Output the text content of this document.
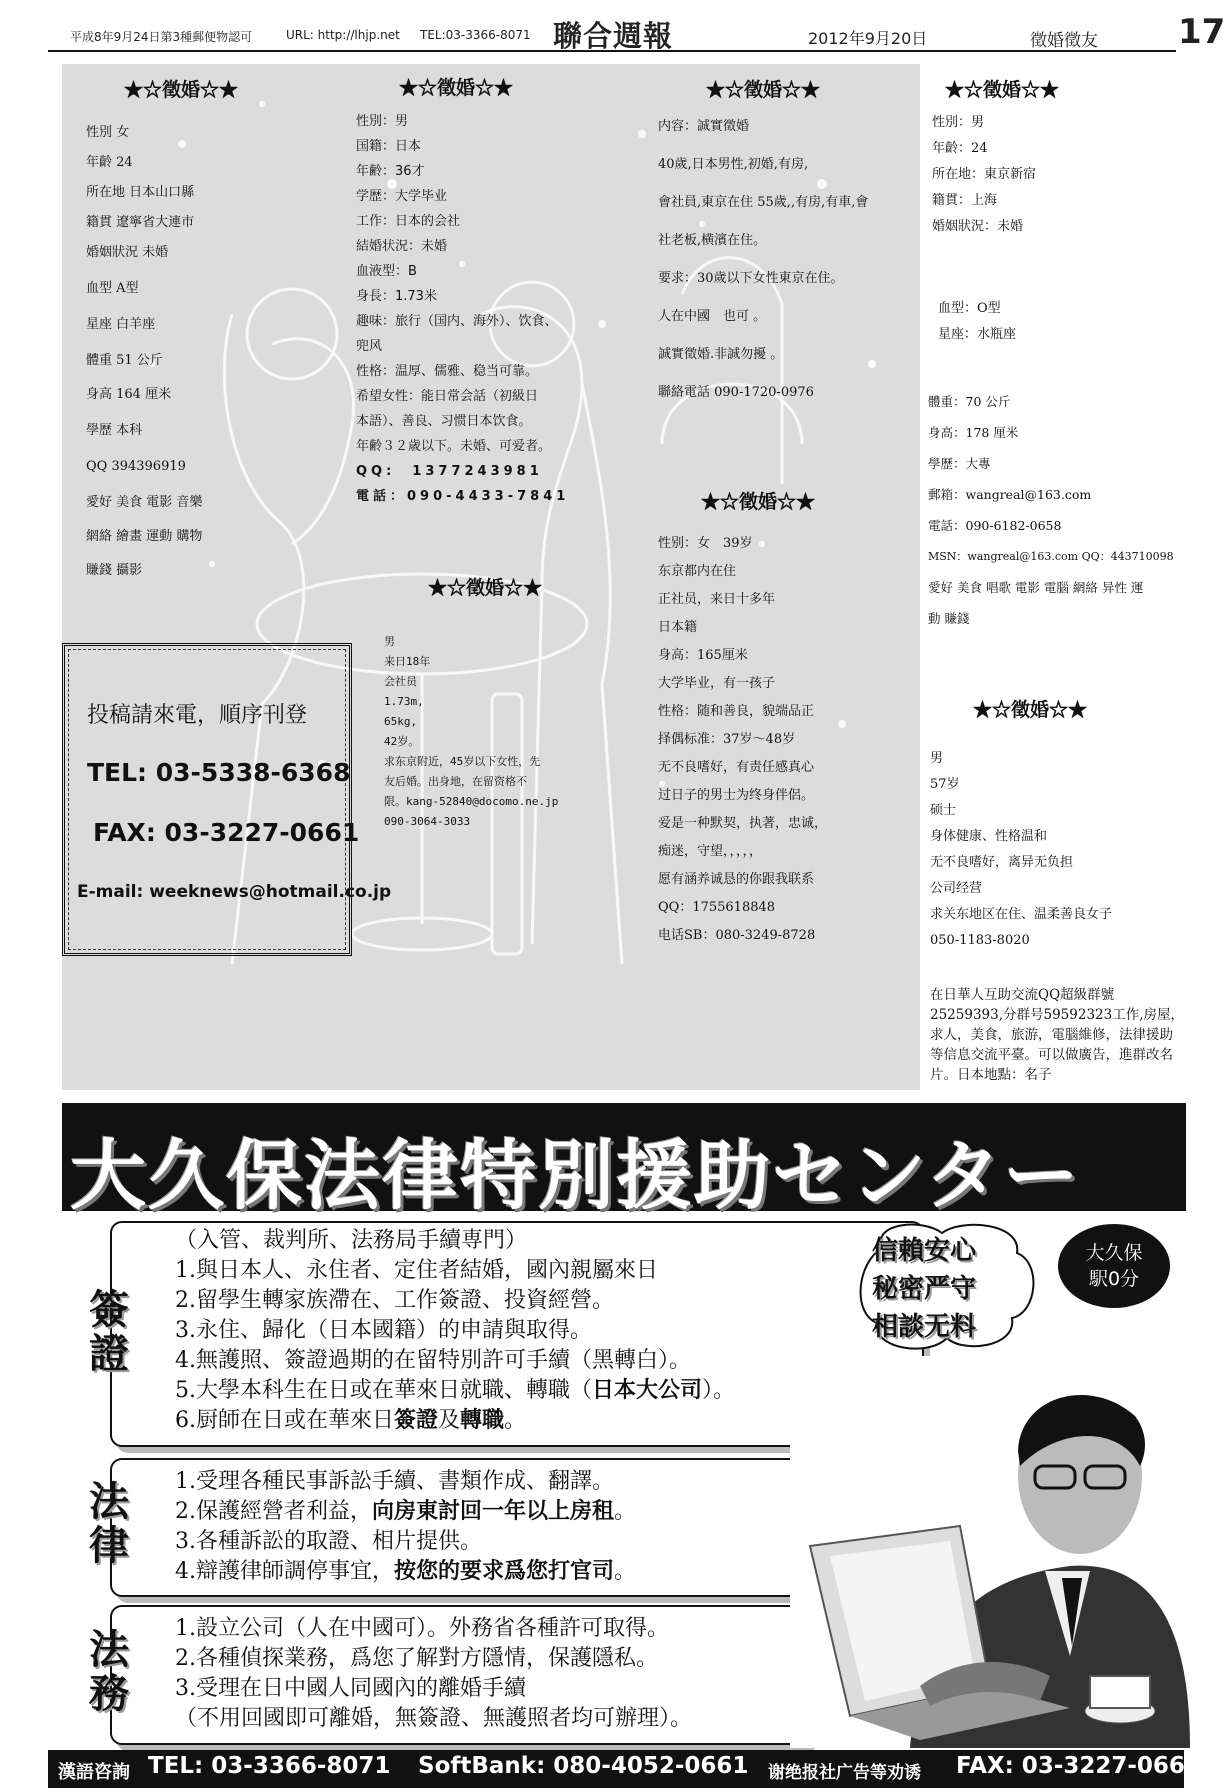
平成8年9月24日第3種郵便物認可	URL: http://lhjp.net TEL:03-3366-8071 聯合週報	2012年9月20日	徵婚徵友 17
★☆徵婚☆★
性別 女
年齡 24
所在地 日本山口縣
籍貫 遼寧省大連市
婚姻狀況 未婚
血型 A型
星座 白羊座
體重 51 公斤
身高 164 厘米
學歷 本科
QQ 394396919
愛好 美食 電影 音樂
網絡 繪畫 運動 購物
賺錢 攝影
★☆徵婚☆★
性別：男
国籍：日本
年齢：36才
学歴：大学毕业
工作：日本的会社
結婚状況：未婚
血液型：B
身長：1.73米
趣味：旅行（国内、海外）、饮食、
兜风
性格：温厚、儒雅、稳当可靠。
希望女性：能日常会話（初級日
本語）、善良、习惯日本饮食。
年齢３２歳以下。未婚、可爱者。
QQ:　1377243981
電話：090-4433-7841
★☆徵婚☆★
男
来日18年
会社员
1.73m,
65kg,
42岁。
求东京附近，45岁以下女性，先
友后婚。出身地，在留资格不
限。kang-52840@docomo.ne.jp
090-3064-3033
★☆徵婚☆★
内容：誠實徵婚
40歲,日本男性,初婚,有房,
會社員,東京在住 55歲,,有房,有車,會
社老板,横濱在住。
要求：30歲以下女性東京在住。
人在中國　也可 。
誠實徵婚.非誠勿擾 。
聯絡電話 090-1720-0976
★☆徵婚☆★
性别：女　39岁
东京都内在住
正社员，来日十多年
日本籍
身高：165厘米
大学毕业，有一孩子
性格：随和善良，貌端品正
择偶标准：37岁～48岁
无不良嗜好，有责任感真心
过日子的男士为终身伴侶。
爱是一种默契，执著，忠诚，
痴迷，守望，，，，，
愿有涵养诚恳的你跟我联系
QQ：1755618848
电话SB：080-3249-8728
★☆徵婚☆★
性別：男
年齡：24
所在地：東京新宿
籍貫：上海
婚姻狀況：未婚
血型：O型
星座：水瓶座
體重：70 公斤
身高：178 厘米
學歷：大專
郵箱：wangreal@163.com
電話：090-6182-0658
MSN：wangreal@163.com QQ：443710098
愛好 美食 唱歌 電影 電腦 網絡 异性 運
動 賺錢
★☆徵婚☆★
男
57岁
硕士
身体健康、性格温和
无不良嗜好，离异无负担
公司经营
求关东地区在住、温柔善良女子
050-1183-8020
在日華人互助交流QQ超級群號25259393,分群号59592323工作,房屋，求人，美食，旅游，電腦維修，法律援助等信息交流平臺。可以做廣告，進群改名片。日本地點：名子
投稿請來電，順序刊登
TEL: 03-5338-6368
FAX: 03-3227-0661
E-mail: weeknews@hotmail.co.jp
大久保法律特別援助センター
簽
證
（入管、裁判所、法務局手續専門）
1.與日本人、永住者、定住者結婚，國內親屬來日
2.留學生轉家族滯在、工作簽證、投資經營。
3.永住、歸化（日本國籍）的申請與取得。
4.無護照、簽證過期的在留特別許可手續（黑轉白）。
5.大學本科生在日或在華來日就職、轉職（日本大公司）。
6.厨師在日或在華來日簽證及轉職。
法
律
1.受理各種民事訴訟手續、書類作成、翻譯。
2.保護經營者利益，向房東討回一年以上房租。
3.各種訴訟的取證、相片提供。
4.辯護律師調停事宜，按您的要求爲您打官司。
法
務
1.設立公司（人在中國可）。外務省各種許可取得。
2.各種偵探業務，爲您了解對方隱情，保護隱私。
3.受理在日中國人同國內的離婚手續
（不用回國即可離婚，無簽證、無護照者均可辦理）。
信賴安心
秘密严守
相談无料
大久保
駅0分
漢語咨詢 TEL: 03-3366-8071 SoftBank: 080-4052-0661 谢绝报社广告等劝诱 FAX: 03-3227-0661
